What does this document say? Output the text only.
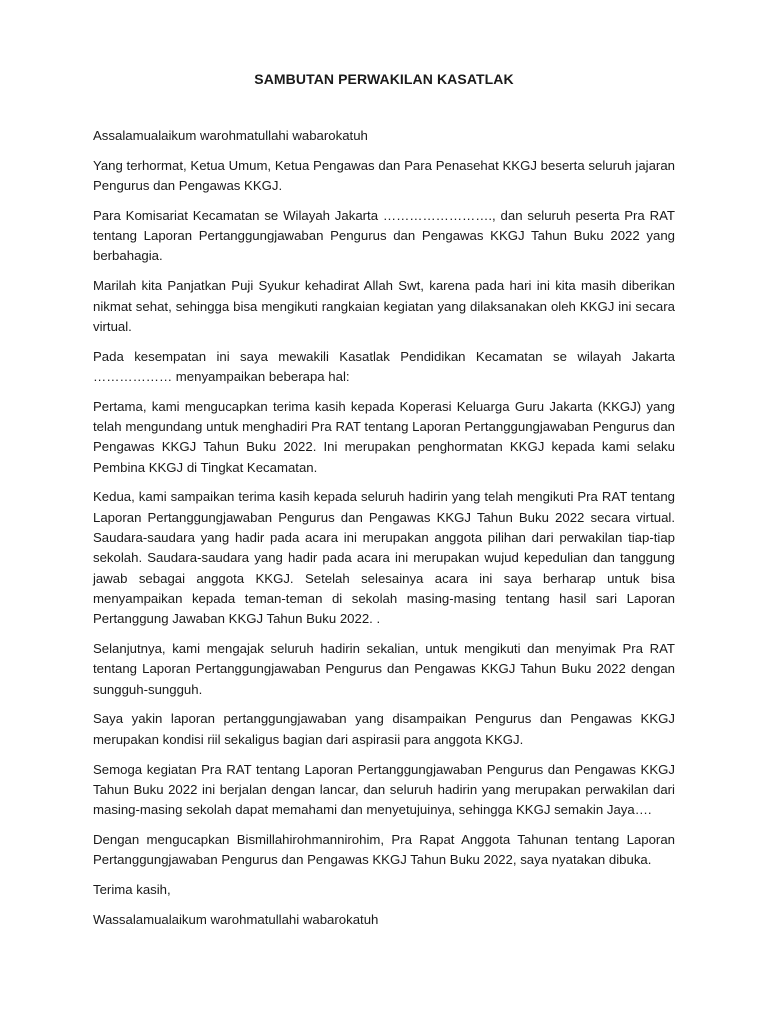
SAMBUTAN PERWAKILAN KASATLAK

Assalamualaikum warohmatullahi wabarokatuh

Yang terhormat, Ketua Umum, Ketua Pengawas dan Para Penasehat KKGJ beserta seluruh jajaran Pengurus dan Pengawas KKGJ.

Para Komisariat Kecamatan se Wilayah Jakarta ……………………., dan seluruh peserta Pra RAT tentang Laporan Pertanggungjawaban Pengurus dan Pengawas KKGJ Tahun Buku 2022 yang berbahagia.

Marilah kita Panjatkan Puji Syukur kehadirat Allah Swt, karena pada hari ini kita masih diberikan nikmat sehat, sehingga bisa mengikuti rangkaian kegiatan yang dilaksanakan oleh KKGJ ini secara virtual.

Pada kesempatan ini saya mewakili Kasatlak Pendidikan Kecamatan se wilayah Jakarta ……………… menyampaikan beberapa hal:

Pertama, kami mengucapkan terima kasih kepada Koperasi Keluarga Guru Jakarta (KKGJ) yang telah mengundang untuk menghadiri Pra RAT tentang Laporan Pertanggungjawaban Pengurus dan Pengawas KKGJ Tahun Buku 2022. Ini merupakan penghormatan KKGJ kepada kami selaku Pembina KKGJ di Tingkat Kecamatan.

Kedua, kami sampaikan terima kasih kepada seluruh hadirin yang telah mengikuti Pra RAT tentang Laporan Pertanggungjawaban Pengurus dan Pengawas KKGJ Tahun Buku 2022 secara virtual. Saudara-saudara yang hadir pada acara ini merupakan anggota pilihan dari perwakilan tiap-tiap sekolah. Saudara-saudara yang hadir pada acara ini merupakan wujud kepedulian dan tanggung jawab sebagai anggota KKGJ. Setelah selesainya acara ini saya berharap untuk bisa menyampaikan kepada teman-teman di sekolah masing-masing tentang hasil sari Laporan Pertanggung Jawaban KKGJ Tahun Buku 2022. .

Selanjutnya, kami mengajak seluruh hadirin sekalian, untuk mengikuti dan menyimak Pra RAT tentang Laporan Pertanggungjawaban Pengurus dan Pengawas KKGJ Tahun Buku 2022 dengan sungguh-sungguh.

Saya yakin laporan pertanggungjawaban yang disampaikan Pengurus dan Pengawas KKGJ merupakan kondisi riil sekaligus bagian dari aspirasii para anggota KKGJ.

Semoga kegiatan Pra RAT tentang Laporan Pertanggungjawaban Pengurus dan Pengawas KKGJ Tahun Buku 2022 ini berjalan dengan lancar, dan seluruh hadirin yang merupakan perwakilan dari masing-masing sekolah dapat memahami dan menyetujuinya, sehingga KKGJ semakin Jaya….

Dengan mengucapkan Bismillahirohmannirohim, Pra Rapat Anggota Tahunan tentang Laporan Pertanggungjawaban Pengurus dan Pengawas KKGJ Tahun Buku 2022, saya nyatakan dibuka.

Terima kasih,

Wassalamualaikum warohmatullahi wabarokatuh
